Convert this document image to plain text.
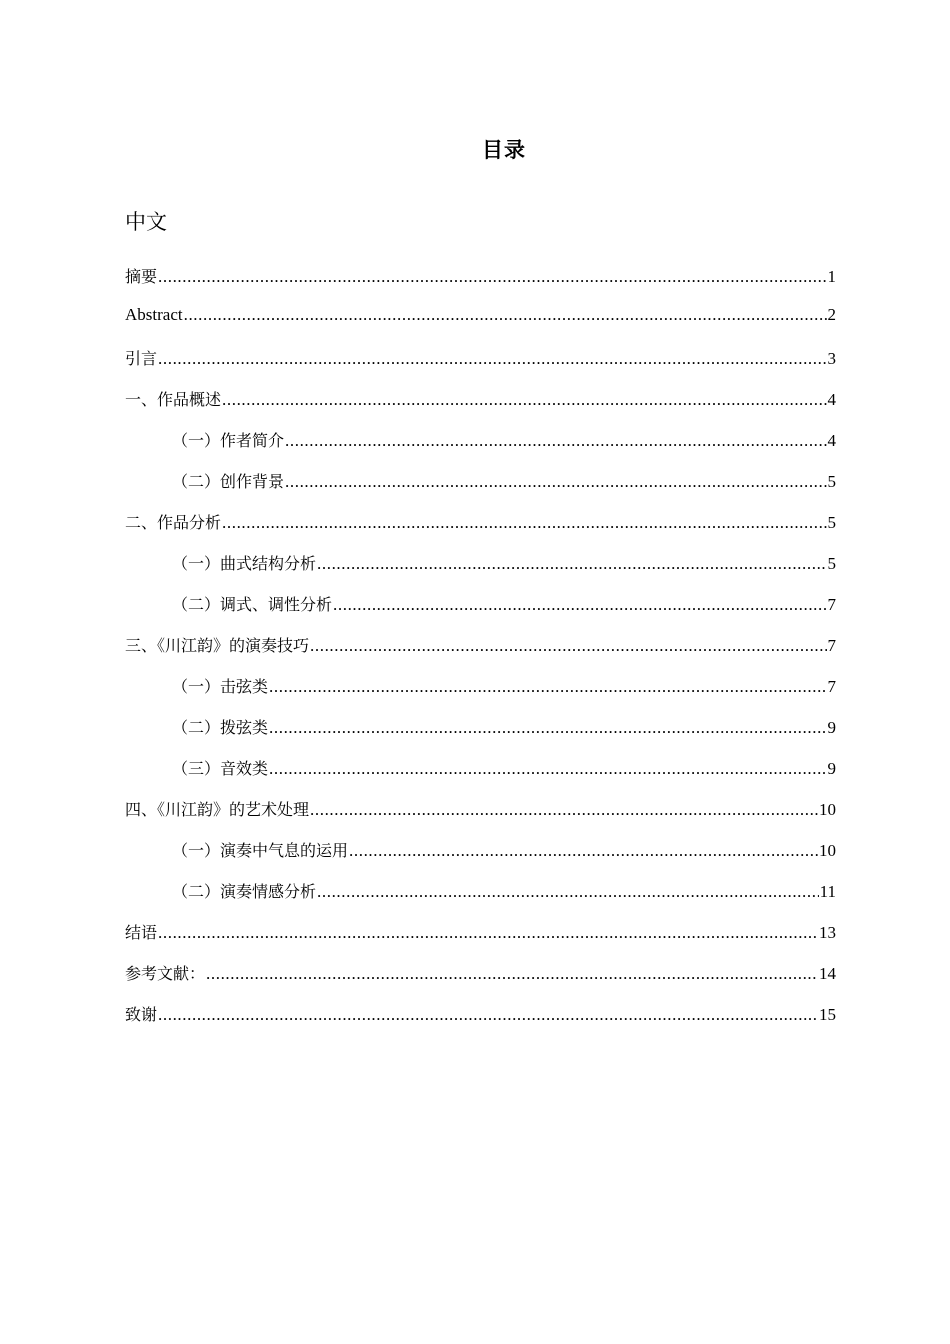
目录
中文
摘要 .....	1
Abstract .....	2
引言 .....	3
一、作品概述 .....	4
（一）作者简介 .....	4
（二）创作背景 .....	5
二、作品分析 .....	5
（一）曲式结构分析 .....	5
（二）调式、调性分析 .....	7
三、《川江韵》的演奏技巧 .....	7
（一）击弦类 .....	7
（二）拨弦类 .....	9
（三）音效类 .....	9
四、《川江韵》的艺术处理 .....	10
（一）演奏中气息的运用 .....	10
（二）演奏情感分析 .....	11
结语 .....	13
参考文献： .....	14
致谢 .....	15
